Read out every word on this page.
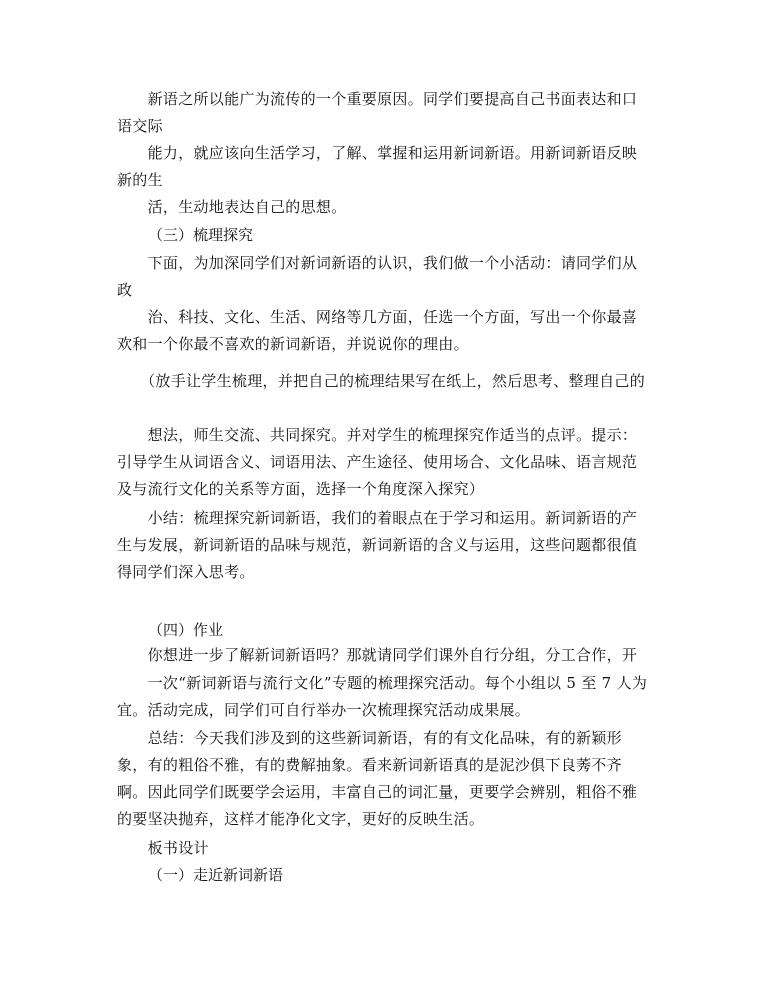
　　新语之所以能广为流传的一个重要原因。同学们要提高自己书面表达和口语交际

　　能力，就应该向生活学习，了解、掌握和运用新词新语。用新词新语反映新的生

　　活，生动地表达自己的思想。

（三）梳理探究

　　下面，为加深同学们对新词新语的认识，我们做一个小活动：请同学们从政

　　治、科技、文化、生活、网络等几方面，任选一个方面，写出一个你最喜欢和一个你最不喜欢的新词新语，并说说你的理由。

　　（放手让学生梳理，并把自己的梳理结果写在纸上，然后思考、整理自己的

　　想法，师生交流、共同探究。并对学生的梳理探究作适当的点评。提示：引导学生从词语含义、词语用法、产生途径、使用场合、文化品味、语言规范及与流行文化的关系等方面，选择一个角度深入探究）

　　小结：梳理探究新词新语，我们的着眼点在于学习和运用。新词新语的产生与发展，新词新语的品味与规范，新词新语的含义与运用，这些问题都很值得同学们深入思考。

（四）作业

　　你想进一步了解新词新语吗？那就请同学们课外自行分组，分工合作，开

　　一次“新词新语与流行文化”专题的梳理探究活动。每个小组以 5 至 7 人为宜。活动完成，同学们可自行举办一次梳理探究活动成果展。

　　总结：今天我们涉及到的这些新词新语，有的有文化品味，有的新颖形象，有的粗俗不雅，有的费解抽象。看来新词新语真的是泥沙俱下良莠不齐啊。因此同学们既要学会运用，丰富自己的词汇量，更要学会辨别，粗俗不雅的要坚决抛弃，这样才能净化文字，更好的反映生活。

　　板书设计

（一）走近新词新语
